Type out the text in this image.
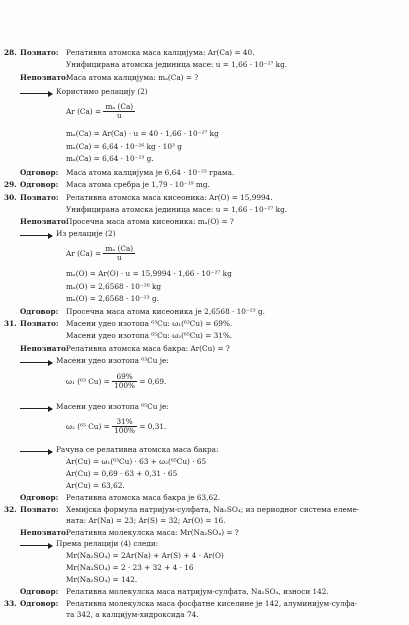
28. Познато: Релативна атомска маса калцијума: Ar(Ca) = 40.
Унифицирана атомска јединица масе: u = 1,66 · 10⁻²⁷ kg.
Непознато:
Маса атома калцијума: mₐ(Ca) = ?
Користимо релацију (2)
Ar $(Ca) = \frac{\text{mₐ (Ca)}}{u}$
mₐ(Ca) = Ar(Ca) · u = 40 · 1,66 · 10⁻²⁷ kg
mₐ(Ca) = 6,64 · 10⁻²⁶ kg · 10³ g
mₐ(Ca) = 6,64 · 10⁻²³ g.
Одговор: Маса атома калцијума је 6,64 · 10⁻²³ грама.
29. Одговор: Маса атома сребра је 1,79 · 10⁻¹⁹ mg.
30. Познато: Релативна атомска маса кисеоника: Ar(O) = 15,9994.
Унифицирана атомска јединица масе: u = 1,66 · 10⁻²⁷ kg.
Непознато:
Просечна маса атома кисеоника: mₐ(O) = ?
Из релације (2)
Ar $(Ca) = \frac{\text{mₐ (Ca)}}{u}$
mₐ(O) = Ar(O) · u = 15,9994 · 1,66 · 10⁻²⁷ kg
mₐ(O) = 2,6568 · 10⁻²⁶ kg
mₐ(O) = 2,6568 · 10⁻²³ g.
Одговор: Просечна маса атома кисеоника је 2,6568 · 10⁻²³ g.
31. Познато: Масени удео изотопа ⁶³Cu: ω₁(⁶³Cu) = 69%.
Масени удео изотопа ⁶⁵Cu: ω₂(⁶⁵Cu) = 31%.
Непознато:
Релативна атомска маса бакра: Ar(Cu) = ?
Масени удео изотопа ⁶³Cu је:
ω₁ (⁶³ $Cu) = \frac{69\%}{100\%} = 0,69$.
Масени удео изотопа ⁶⁵Cu је:
ω₂ (⁶⁵ $Cu) = \frac{31\%}{100\%} = 0,31$.
Рачуна се релативна атомска маса бакра:
Ar(Cu) = ω₁(⁶³Cu) · 63 + ω₂(⁶⁵Cu) · 65
Ar(Cu) = 0,69 · 63 + 0,31 · 65
Ar(Cu) = 63,62.
Одговор: Релативна атомска маса бакра је 63,62.
32. Познато: Хемијска формула натријум-сулфата, Na₂SO₄; из периодног система елеме-
ната: Ar(Na) = 23; Ar(S) = 32; Ar(O) = 16.
Непознато:
Релативна молекулска маса: Mr(Na₂SO₄) = ?
Према релацији (4) следи:
Mr(Na₂SO₄) = 2Ar(Na) + Ar(S) + 4 · Ar(O)
Mr(Na₂SO₄) = 2 · 23 + 32 + 4 · 16
Mr(Na₂SO₄) = 142.
Одговор: Релативна молекулска маса натријум-сулфата, Na₂SO₄, износи 142.
33. Одговор: Релативна молекулска маса фосфатне киселине је 142, алуминијум-сулфа-
та 342, а калцијум-хидроксида 74.
